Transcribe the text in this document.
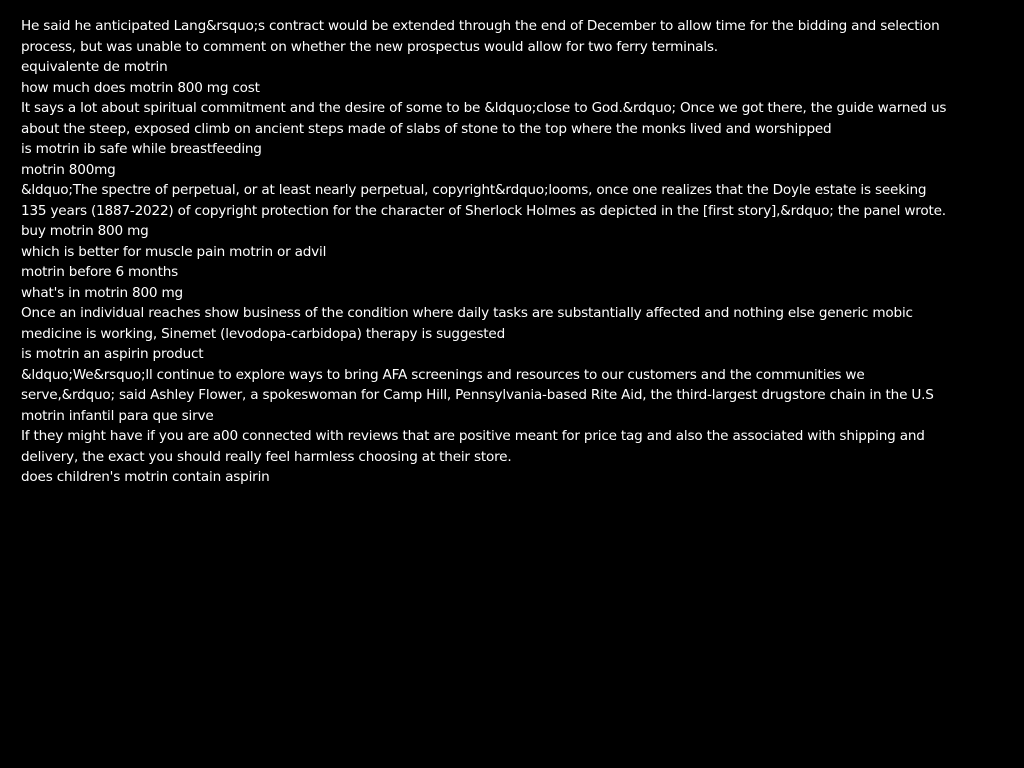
He said he anticipated Lang&rsquo;s contract would be extended through the end of December to allow time for the bidding and selection
process, but was unable to comment on whether the new prospectus would allow for two ferry terminals.
equivalente de motrin
how much does motrin 800 mg cost
It says a lot about spiritual commitment and the desire of some to be &ldquo;close to God.&rdquo; Once we got there, the guide warned us
about the steep, exposed climb on ancient steps made of slabs of stone to the top where the monks lived and worshipped
is motrin ib safe while breastfeeding
motrin 800mg
&ldquo;The spectre of perpetual, or at least nearly perpetual, copyright&rdquo;looms, once one realizes that the Doyle estate is seeking
135 years (1887-2022) of copyright protection for the character of Sherlock Holmes as depicted in the [first story],&rdquo; the panel wrote.
buy motrin 800 mg
which is better for muscle pain motrin or advil
motrin before 6 months
what's in motrin 800 mg
Once an individual reaches show business of the condition where daily tasks are substantially affected and nothing else generic mobic
medicine is working, Sinemet (levodopa-carbidopa) therapy is suggested
is motrin an aspirin product
&ldquo;We&rsquo;ll continue to explore ways to bring AFA screenings and resources to our customers and the communities we
serve,&rdquo; said Ashley Flower, a spokeswoman for Camp Hill, Pennsylvania-based Rite Aid, the third-largest drugstore chain in the U.S
motrin infantil para que sirve
If they might have if you are a00 connected with reviews that are positive meant for price tag and also the associated with shipping and
delivery, the exact you should really feel harmless choosing at their store.
does children's motrin contain aspirin
